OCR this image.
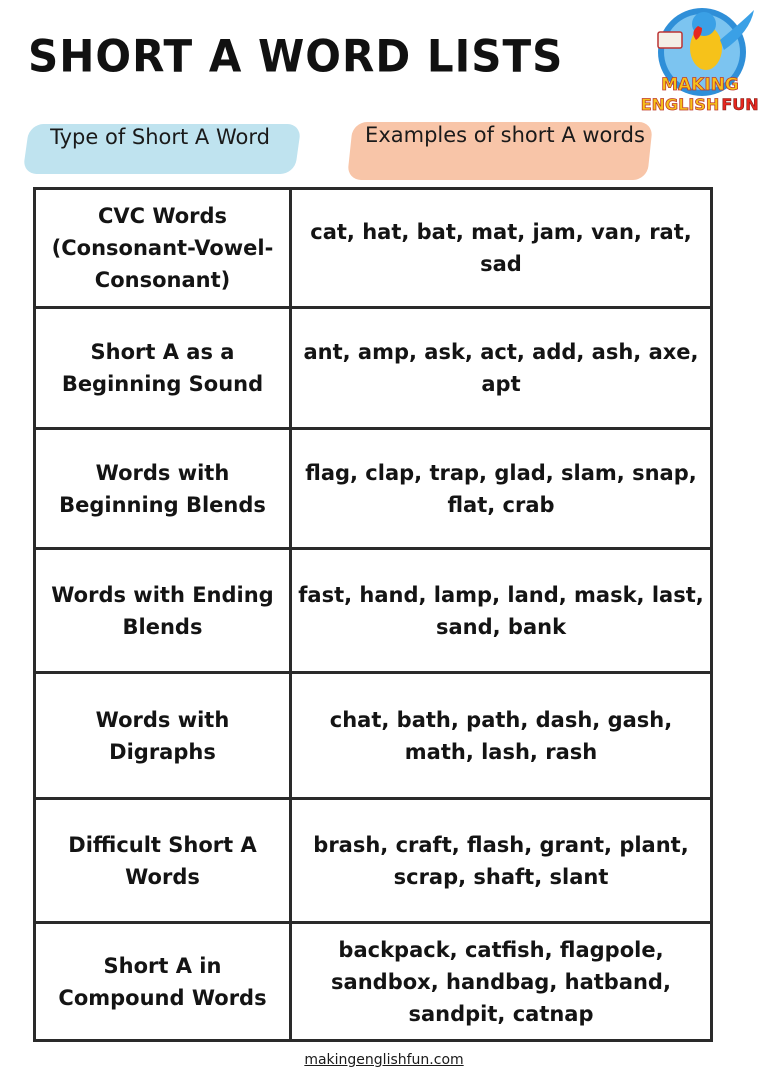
SHORT A WORD LISTS
MAKING
ENGLISH FUN
Type of Short A Word	Examples of short A words
CVC Words (Consonant-Vowel-Consonant)	cat, hat, bat, mat, jam, van, rat, sad
Short A as a Beginning Sound	ant, amp, ask, act, add, ash, axe, apt
Words with Beginning Blends	flag, clap, trap, glad, slam, snap, flat, crab
Words with Ending Blends	fast, hand, lamp, land, mask, last, sand, bank
Words with Digraphs	chat, bath, path, dash, gash, math, lash, rash
Difficult Short A Words	brash, craft, flash, grant, plant, scrap, shaft, slant
Short A in Compound Words	backpack, catfish, flagpole, sandbox, handbag, hatband, sandpit, catnap
makingenglishfun.com
